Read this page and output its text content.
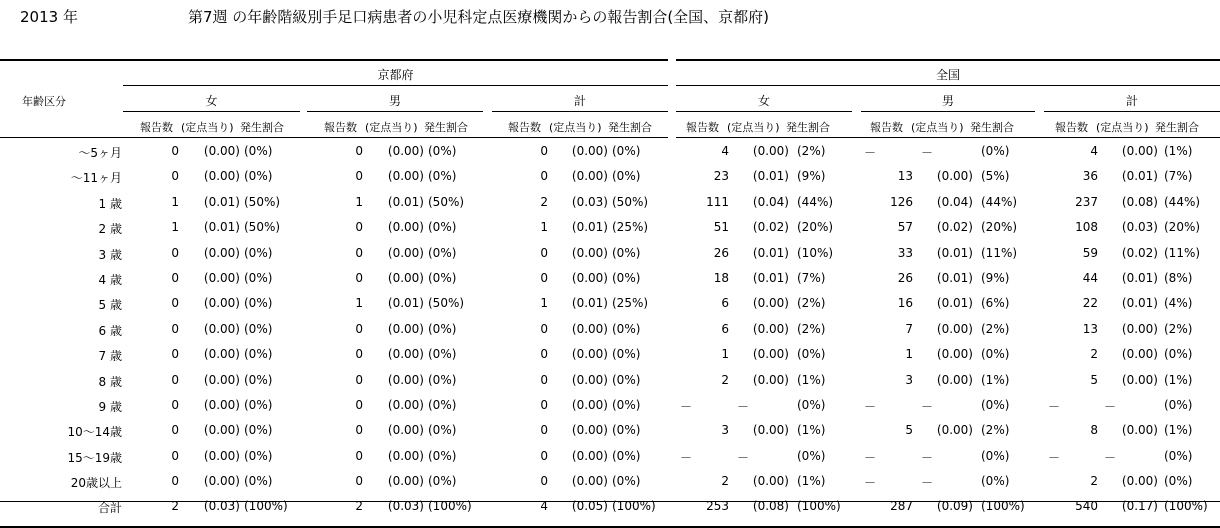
2013 年	第7週 の年齢階級別手足口病患者の小児科定点医療機関からの報告割合(全国、京都府)
年齢区分
京都府	全国
女	男	計	女	男	計
報告数 (定点当り) 発生割合	報告数 (定点当り) 発生割合	報告数 (定点当り) 発生割合	報告数 (定点当り) 発生割合	報告数 (定点当り) 発生割合	報告数 (定点当り) 発生割合
～5ヶ月	0 (0.00) (0%)	0 (0.00) (0%)	0 (0.00) (0%)	4 (0.00) (2%)	－	－	(0%)	4 (0.00) (1%)
～11ヶ月	0 (0.00) (0%)	0 (0.00) (0%)	0 (0.00) (0%)	23 (0.01) (9%)	13 (0.00) (5%)	36 (0.01) (7%)
1 歳	1 (0.01) (50%)	1 (0.01) (50%)	2 (0.03) (50%)	111 (0.04) (44%)	126 (0.04) (44%)	237 (0.08) (44%)
2 歳	1 (0.01) (50%)	0 (0.00) (0%)	1 (0.01) (25%)	51 (0.02) (20%)	57 (0.02) (20%)	108 (0.03) (20%)
3 歳	0 (0.00) (0%)	0 (0.00) (0%)	0 (0.00) (0%)	26 (0.01) (10%)	33 (0.01) (11%)	59 (0.02) (11%)
4 歳	0 (0.00) (0%)	0 (0.00) (0%)	0 (0.00) (0%)	18 (0.01) (7%)	26 (0.01) (9%)	44 (0.01) (8%)
5 歳	0 (0.00) (0%)	1 (0.01) (50%)	1 (0.01) (25%)	6 (0.00) (2%)	16 (0.01) (6%)	22 (0.01) (4%)
6 歳	0 (0.00) (0%)	0 (0.00) (0%)	0 (0.00) (0%)	6 (0.00) (2%)	7 (0.00) (2%)	13 (0.00) (2%)
7 歳	0 (0.00) (0%)	0 (0.00) (0%)	0 (0.00) (0%)	1 (0.00) (0%)	1 (0.00) (0%)	2 (0.00) (0%)
8 歳	0 (0.00) (0%)	0 (0.00) (0%)	0 (0.00) (0%)	2 (0.00) (1%)	3 (0.00) (1%)	5 (0.00) (1%)
9 歳	0 (0.00) (0%)	0 (0.00) (0%)	0 (0.00) (0%)	－	－	(0%)	－	－	(0%)	－	－	(0%)
10～14歳	0 (0.00) (0%)	0 (0.00) (0%)	0 (0.00) (0%)	3 (0.00) (1%)	5 (0.00) (2%)	8 (0.00) (1%)
15～19歳	0 (0.00) (0%)	0 (0.00) (0%)	0 (0.00) (0%)	－	－	(0%)	－	－	(0%)	－	－	(0%)
20歳以上	0 (0.00) (0%)	0 (0.00) (0%)	0 (0.00) (0%)	2 (0.00) (1%)	－	－	(0%)	2 (0.00) (0%)
合計	2 (0.03) (100%)	2 (0.03) (100%)	4 (0.05) (100%)	253 (0.08) (100%)	287 (0.09) (100%)	540 (0.17) (100%)
